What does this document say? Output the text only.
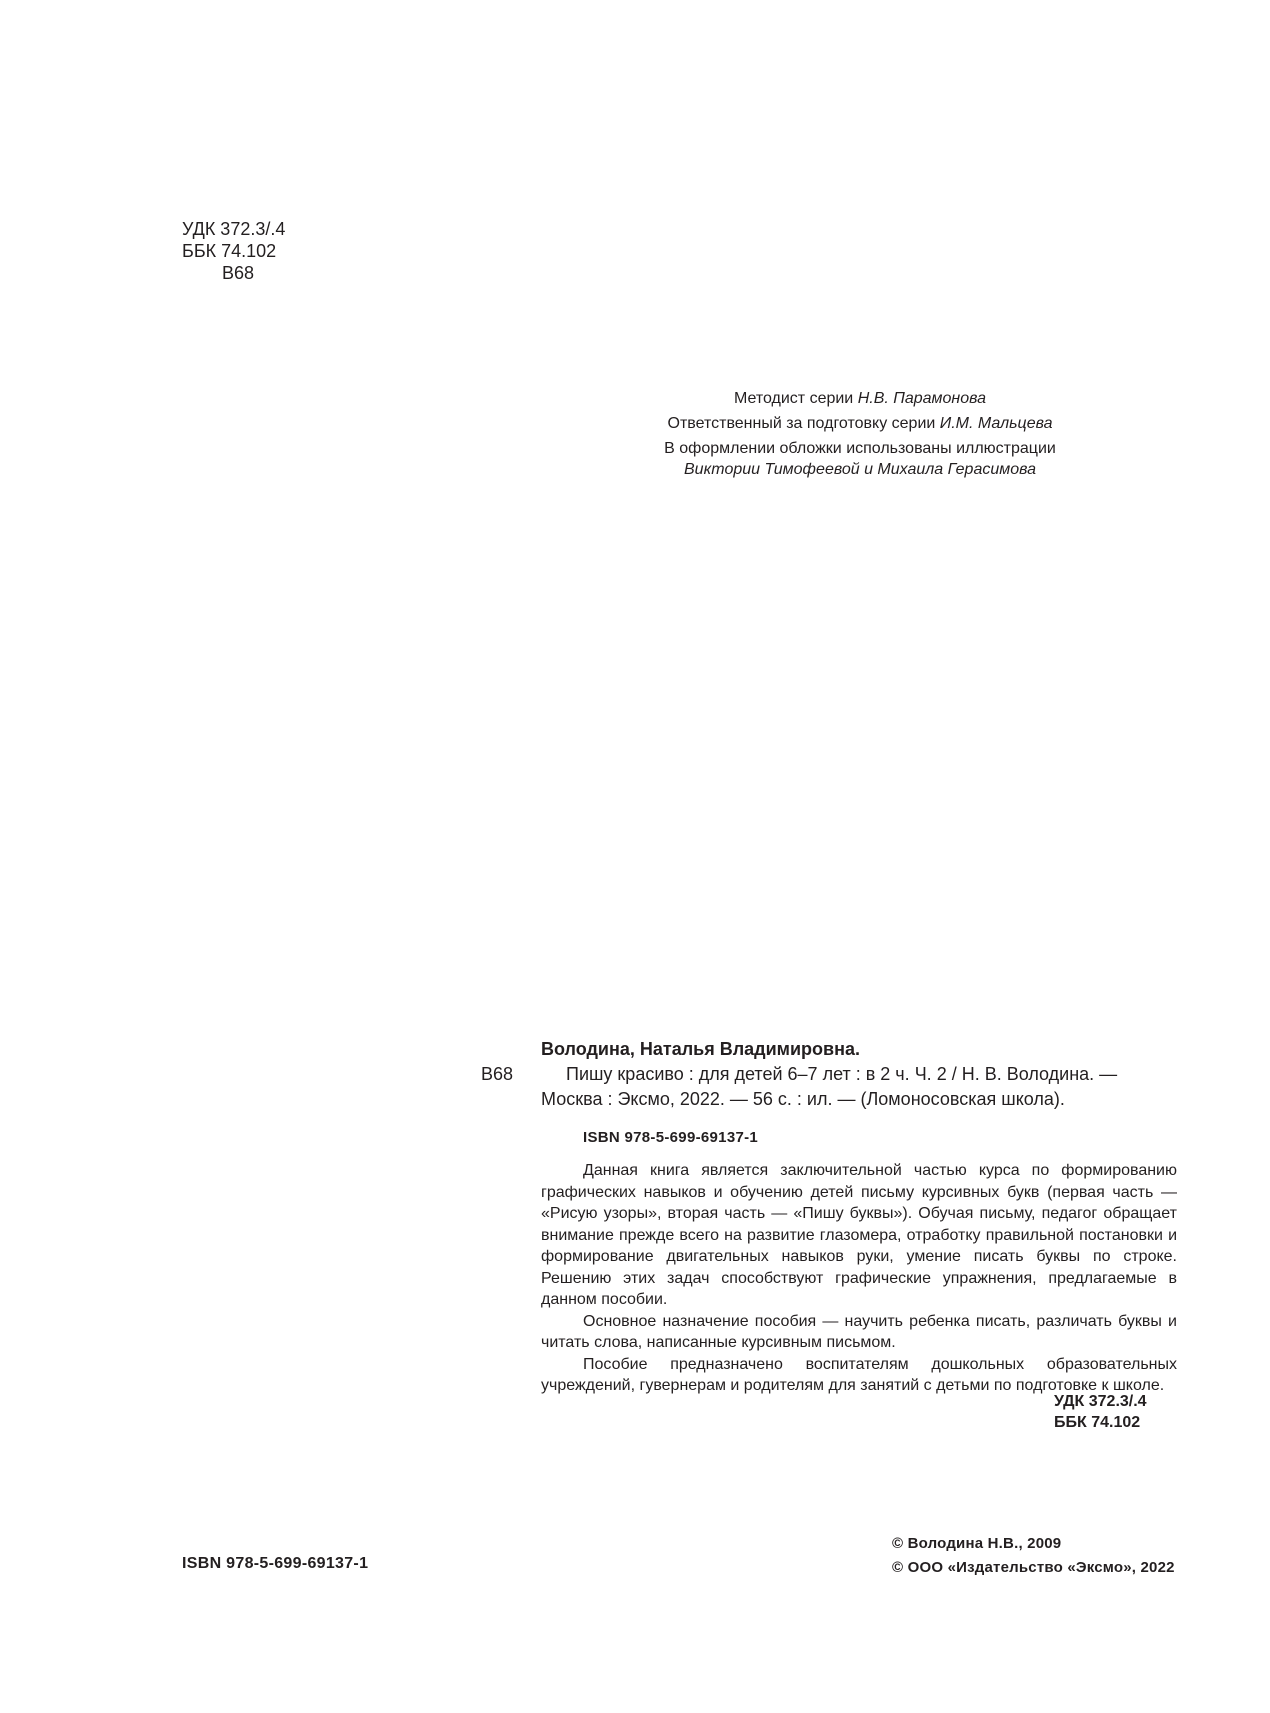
УДК 372.3/.4
ББК 74.102
В68
Методист серии Н.В. Парамонова
Ответственный за подготовку серии И.М. Мальцева
В оформлении обложки использованы иллюстрации
Виктории Тимофеевой и Михаила Герасимова
Володина, Наталья Владимировна.
Пишу красиво : для детей 6–7 лет : в 2 ч. Ч. 2 / Н. В. Володина. —
Москва : Эксмо, 2022. — 56 с. : ил. — (Ломоносовская школа).
В68
ISBN 978-5-699-69137-1

Данная книга является заключительной частью курса по формированию графических навыков и обучению детей письму курсивных букв (первая часть — «Рисую узоры», вторая часть — «Пишу буквы»). Обучая письму, педагог обращает внимание прежде всего на развитие глазомера, отработку правильной постановки и формирование двигательных навыков руки, умение писать буквы по строке. Решению этих задач способствуют графические упражнения, предлагаемые в данном пособии.

Основное назначение пособия — научить ребенка писать, различать буквы и читать слова, написанные курсивным письмом.

Пособие предназначено воспитателям дошкольных образовательных учреждений, гувернерам и родителям для занятий с детьми по подготовке к школе.

УДК 372.3/.4
ББК 74.102
ISBN 978-5-699-69137-1
© Володина Н.В., 2009
© ООО «Издательство «Эксмо», 2022
